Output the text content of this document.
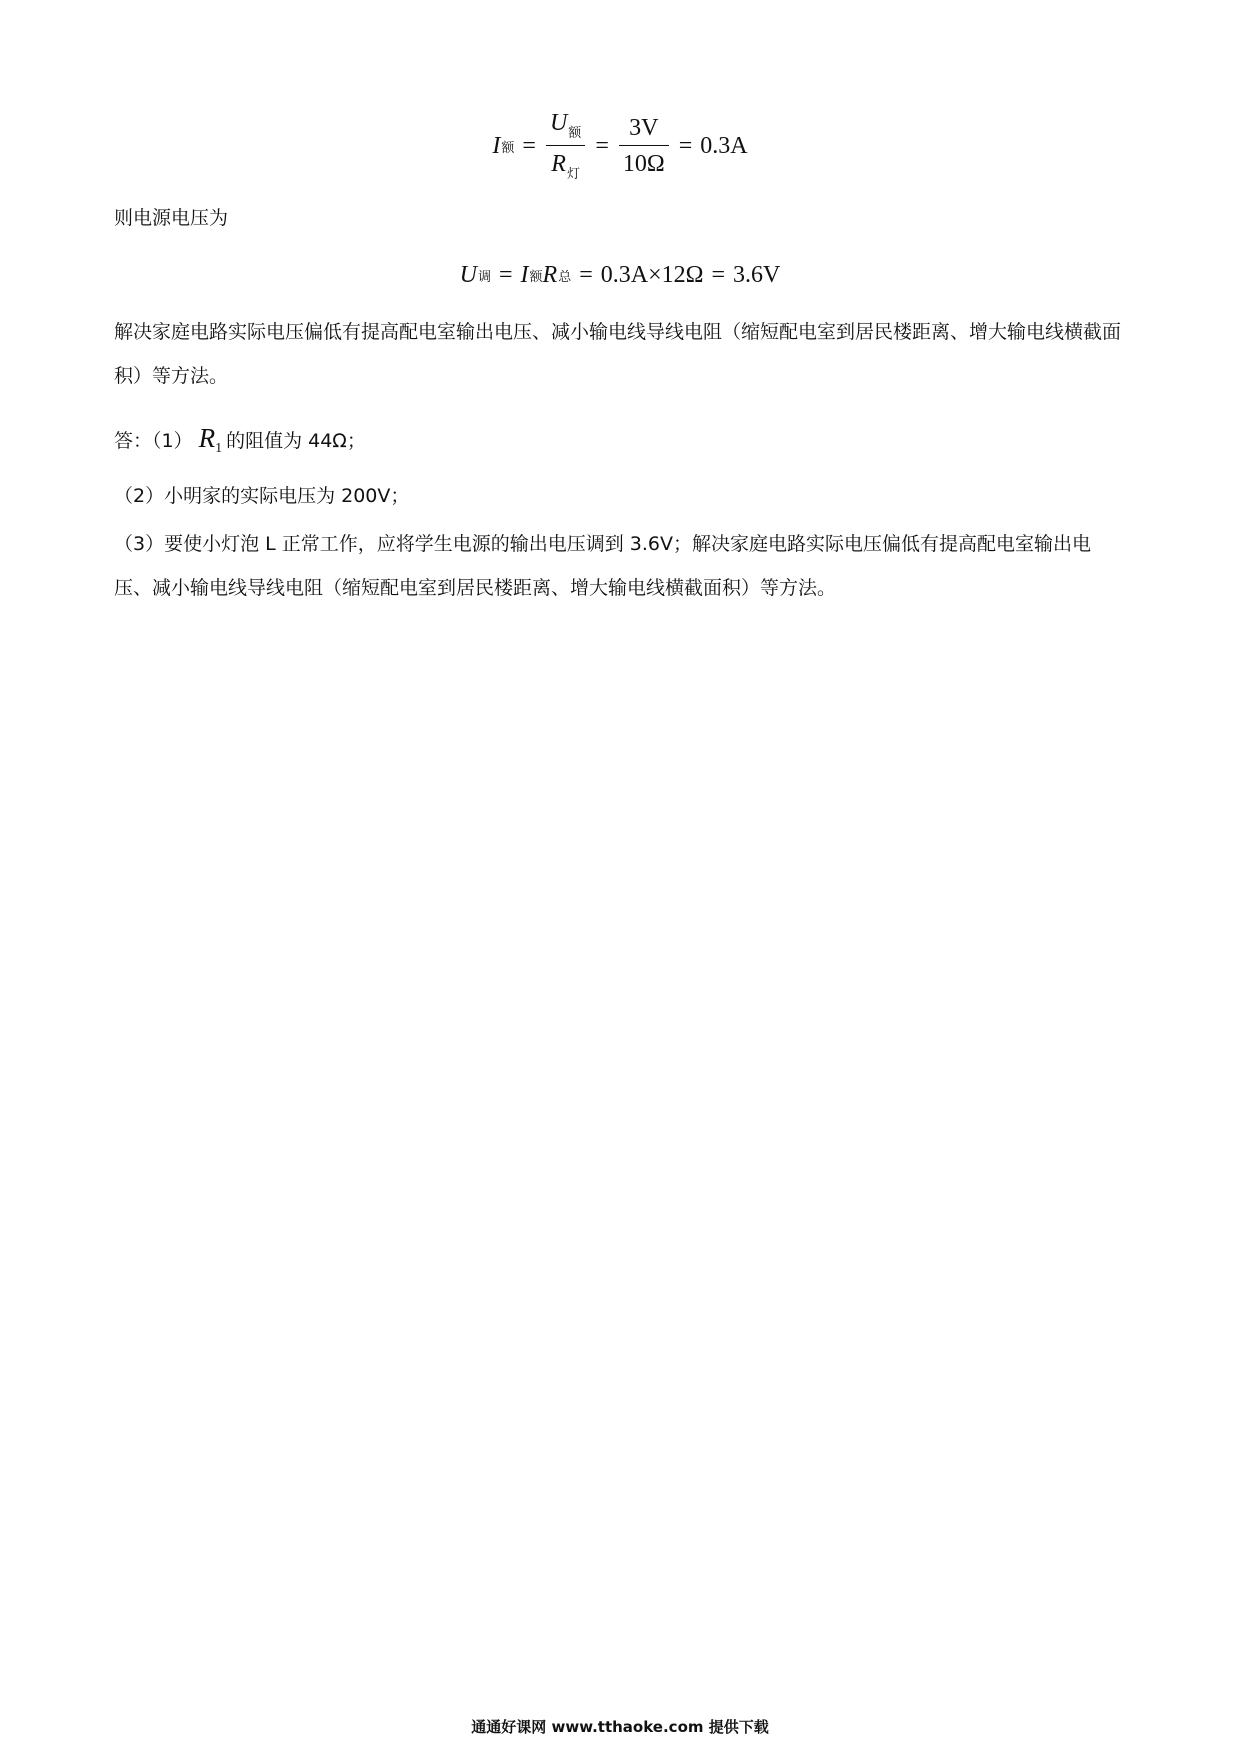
I 额 = $\frac{U_额}{R_灯} = \frac{3V}{10\Omega} = 0.3A$

则电源电压为

U 调 = I 额 R 总 = 0.3A×12Ω = 3.6V

解决家庭电路实际电压偏低有提高配电室输出电压、减小输电线导线电阻（缩短配电室到居民楼距离、增大输电线横截面积）等方法。

答：（1） R1 的阻值为 44Ω；

（2）小明家的实际电压为 200V；

（3）要使小灯泡 L 正常工作，应将学生电源的输出电压调到 3.6V；解决家庭电路实际电压偏低有提高配电室输出电压、减小输电线导线电阻（缩短配电室到居民楼距离、增大输电线横截面积）等方法。

通通好课网 www.tthaoke.com 提供下载
